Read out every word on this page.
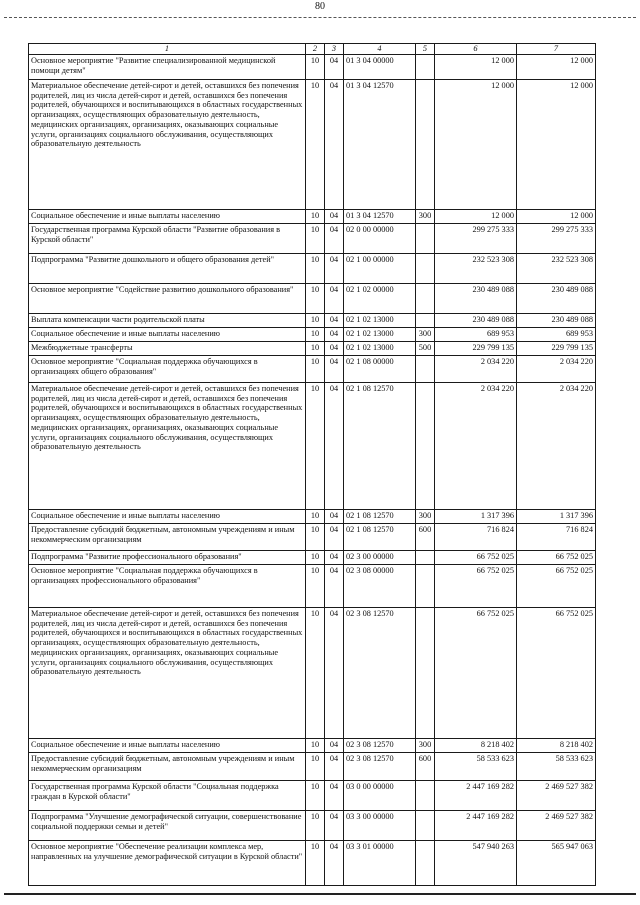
80
1	2	3	4	5	6	7
Основное мероприятие "Развитие специализированной медицинской помощи детям"	10	04	01 3 04 00000		12 000	12 000
Материальное обеспечение детей-сирот и детей, оставшихся без попечения родителей, лиц из числа детей-сирот и детей, оставшихся без попечения родителей, обучающихся и воспитывающихся в областных государственных организациях, осуществляющих образовательную деятельность, медицинских организациях, организациях, оказывающих социальные услуги, организациях социального обслуживания, осуществляющих образовательную деятельность	10	04	01 3 04 12570		12 000	12 000
Социальное обеспечение и иные выплаты населению	10	04	01 3 04 12570	300	12 000	12 000
Государственная программа Курской области "Развитие образования в Курской области"	10	04	02 0 00 00000		299 275 333	299 275 333
Подпрограмма "Развитие дошкольного и общего образования детей"	10	04	02 1 00 00000		232 523 308	232 523 308
Основное мероприятие "Содействие развитию дошкольного образования"	10	04	02 1 02 00000		230 489 088	230 489 088
Выплата компенсации части родительской платы	10	04	02 1 02 13000		230 489 088	230 489 088
Социальное обеспечение и иные выплаты населению	10	04	02 1 02 13000	300	689 953	689 953
Межбюджетные трансферты	10	04	02 1 02 13000	500	229 799 135	229 799 135
Основное мероприятие "Социальная поддержка обучающихся в организациях общего образования"	10	04	02 1 08 00000		2 034 220	2 034 220
Материальное обеспечение детей-сирот и детей, оставшихся без попечения родителей, лиц из числа детей-сирот и детей, оставшихся без попечения родителей, обучающихся и воспитывающихся в областных государственных организациях, осуществляющих образовательную деятельность, медицинских организациях, организациях, оказывающих социальные услуги, организациях социального обслуживания, осуществляющих образовательную деятельность	10	04	02 1 08 12570		2 034 220	2 034 220
Социальное обеспечение и иные выплаты населению	10	04	02 1 08 12570	300	1 317 396	1 317 396
Предоставление субсидий бюджетным, автономным учреждениям и иным некоммерческим организациям	10	04	02 1 08 12570	600	716 824	716 824
Подпрограмма "Развитие профессионального образования"	10	04	02 3 00 00000		66 752 025	66 752 025
Основное мероприятие "Социальная поддержка обучающихся в организациях профессионального образования"	10	04	02 3 08 00000		66 752 025	66 752 025
Материальное обеспечение детей-сирот и детей, оставшихся без попечения родителей, лиц из числа детей-сирот и детей, оставшихся без попечения родителей, обучающихся и воспитывающихся в областных государственных организациях, осуществляющих образовательную деятельность, медицинских организациях, организациях, оказывающих социальные услуги, организациях социального обслуживания, осуществляющих образовательную деятельность	10	04	02 3 08 12570		66 752 025	66 752 025
Социальное обеспечение и иные выплаты населению	10	04	02 3 08 12570	300	8 218 402	8 218 402
Предоставление субсидий бюджетным, автономным учреждениям и иным некоммерческим организациям	10	04	02 3 08 12570	600	58 533 623	58 533 623
Государственная программа Курской области "Социальная поддержка граждан в Курской области"	10	04	03 0 00 00000		2 447 169 282	2 469 527 382
Подпрограмма "Улучшение демографической ситуации, совершенствование социальной поддержки семьи и детей"	10	04	03 3 00 00000		2 447 169 282	2 469 527 382
Основное мероприятие "Обеспечение реализации комплекса мер, направленных на улучшение демографической ситуации в Курской области"	10	04	03 3 01 00000		547 940 263	565 947 063
